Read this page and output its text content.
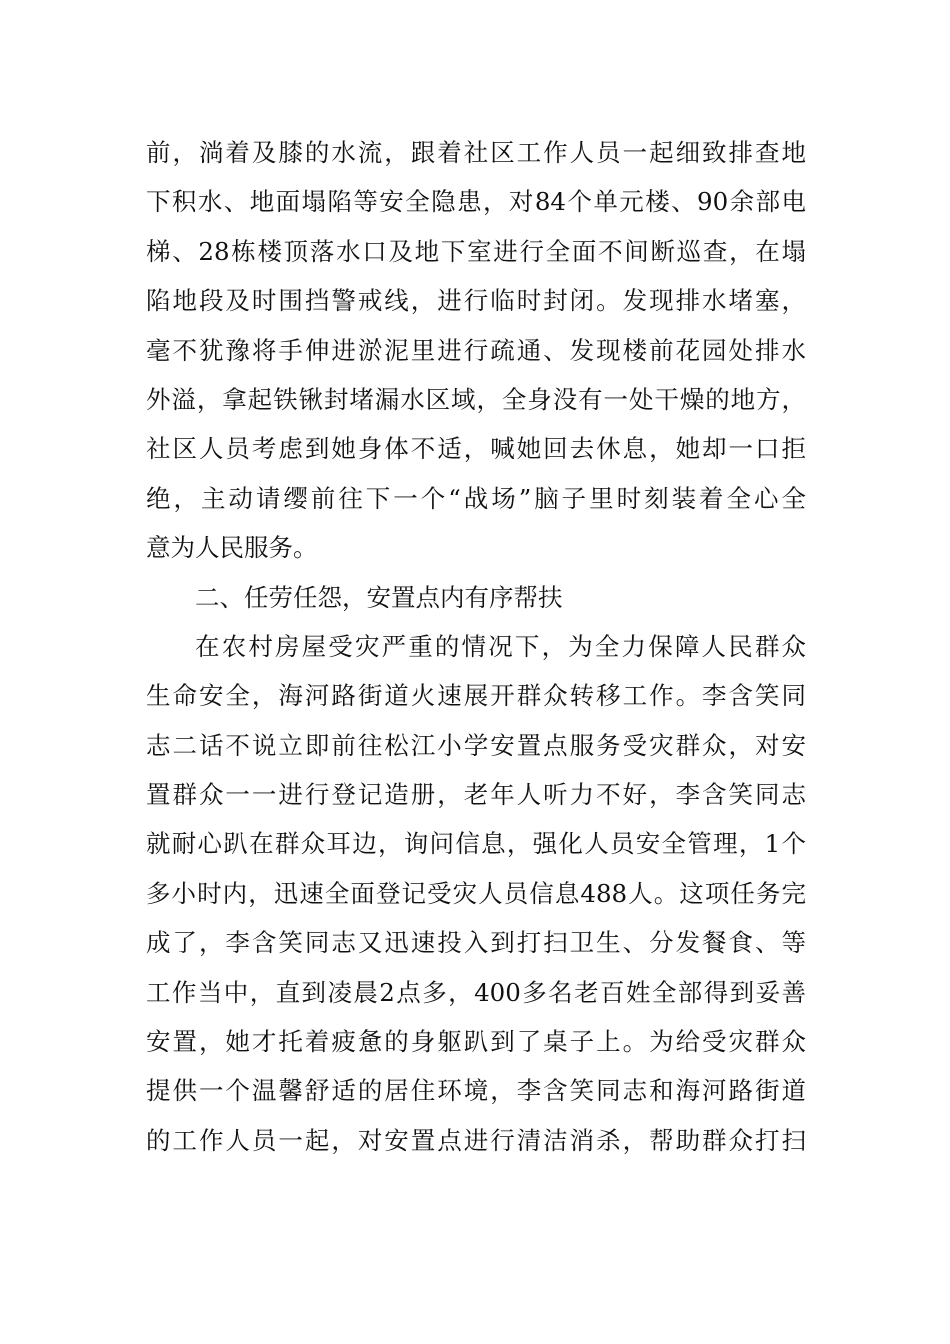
前，淌着及膝的水流，跟着社区工作人员一起细致排查地

下积水、地面塌陷等安全隐患，对84个单元楼、90余部电

梯、28栋楼顶落水口及地下室进行全面不间断巡查，在塌

陷地段及时围挡警戒线，进行临时封闭。发现排水堵塞，

毫不犹豫将手伸进淤泥里进行疏通、发现楼前花园处排水

外溢，拿起铁锹封堵漏水区域，全身没有一处干燥的地方，

社区人员考虑到她身体不适，喊她回去休息，她却一口拒

绝，主动请缨前往下一个“战场”脑子里时刻装着全心全

意为人民服务。

二、任劳任怨，安置点内有序帮扶

在农村房屋受灾严重的情况下，为全力保障人民群众

生命安全，海河路街道火速展开群众转移工作。李含笑同

志二话不说立即前往松江小学安置点服务受灾群众，对安

置群众一一进行登记造册，老年人听力不好，李含笑同志

就耐心趴在群众耳边，询问信息，强化人员安全管理，1个

多小时内，迅速全面登记受灾人员信息488人。这项任务完

成了，李含笑同志又迅速投入到打扫卫生、分发餐食、等

工作当中，直到凌晨2点多，400多名老百姓全部得到妥善

安置，她才托着疲惫的身躯趴到了桌子上。为给受灾群众

提供一个温馨舒适的居住环境，李含笑同志和海河路街道

的工作人员一起，对安置点进行清洁消杀，帮助群众打扫
